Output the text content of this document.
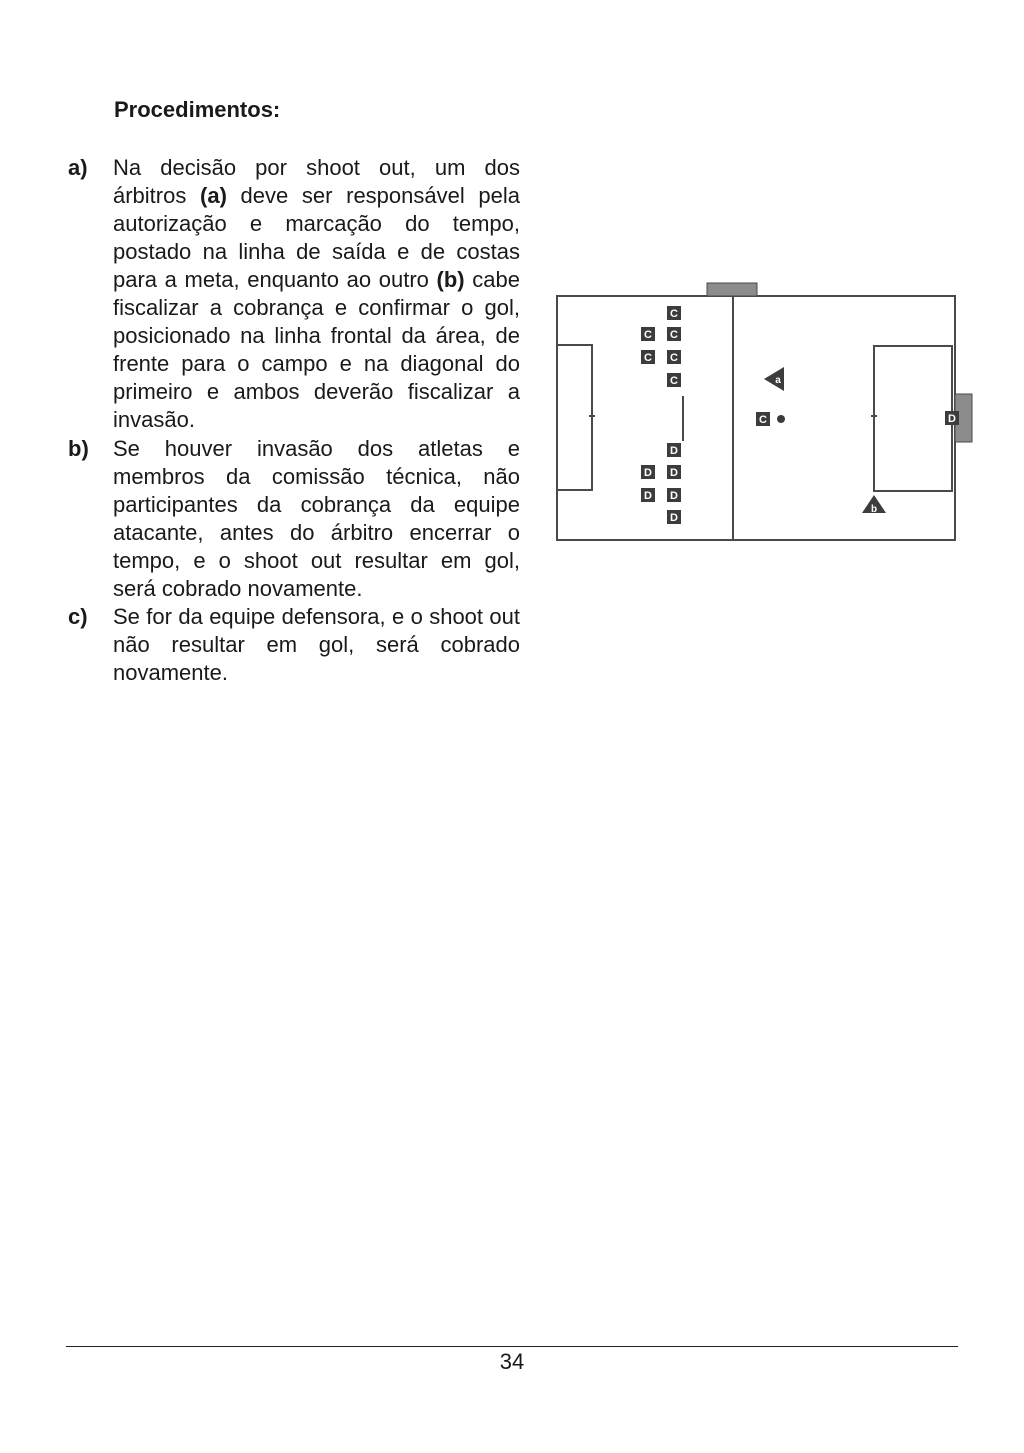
Procedimentos:
a) Na decisão por shoot out, um dos árbitros (a) deve ser responsável pela autorização e marcação do tempo, postado na linha de saída e de costas para a meta, enquanto ao outro (b) cabe fiscalizar a cobrança e confirmar o gol, posicionado na linha frontal da área, de frente para o campo e na diagonal do primeiro e ambos deverão fiscalizar a invasão.
b) Se houver invasão dos atletas e membros da comissão técnica, não participantes da cobrança da equipe atacante, antes do árbitro encerrar o tempo, e o shoot out resultar em gol, será cobrado novamente.
c) Se for da equipe defensora, e o shoot out não resultar em gol, será cobrado novamente.
C
C C
C C
C
D
D D
D D
D
C	D
a
b
34
